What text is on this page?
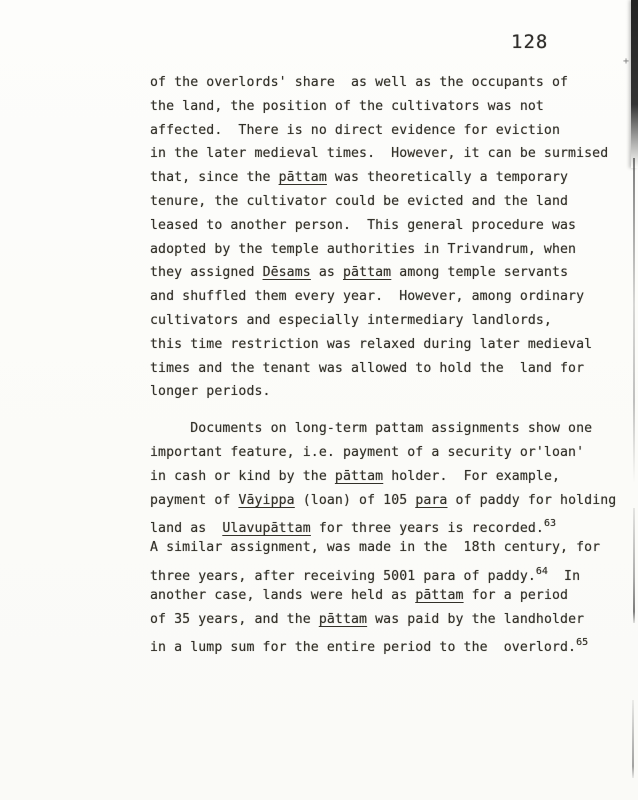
128
of the overlords' share  as well as the occupants of
the land, the position of the cultivators was not
affected.  There is no direct evidence for eviction
in the later medieval times.  However, it can be surmised
that, since the pāttam was theoretically a temporary
tenure, the cultivator could be evicted and the land
leased to another person.  This general procedure was
adopted by the temple authorities in Trivandrum, when
they assigned Dēsams as pāttam among temple servants
and shuffled them every year.  However, among ordinary
cultivators and especially intermediary landlords,
this time restriction was relaxed during later medieval
times and the tenant was allowed to hold the  land for
longer periods.
Documents on long-term pattam assignments show one
important feature, i.e. payment of a security or'loan'
in cash or kind by the pāttam holder.  For example,
payment of Vāyippa (loan) of 105 para of paddy for holding
land as  Ulavupāttam for three years is recorded.$^{63}$
A similar assignment, was made in the  18th century, for
three years, after receiving 5001 para of paddy.$^{64}$  In
another case, lands were held as pāttam for a period
of 35 years, and the pāttam was paid by the landholder
in a lump sum for the entire period to the  overlord.$^{65}$
+
